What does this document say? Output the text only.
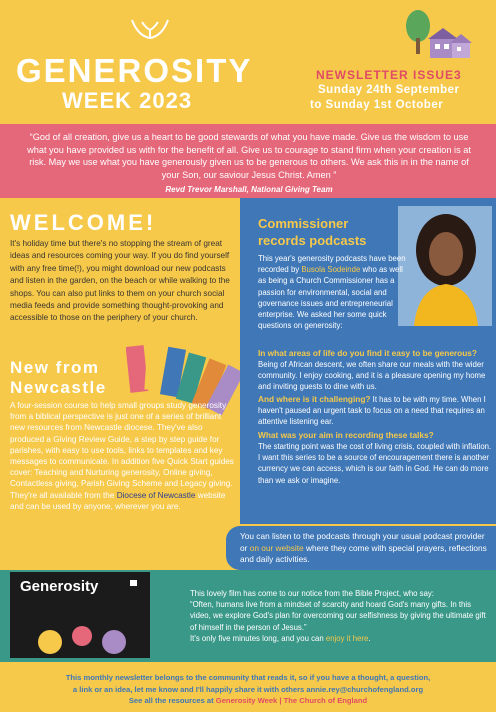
GENEROSITY
WEEK 2023
NEWSLETTER ISSUE3
Sunday 24th September
to Sunday 1st October
“God of all creation, give us a heart to be good stewards of what you have made. Give us the wisdom to use what you have provided us with for the benefit of all. Give us to courage to stand firm when your creation is at risk. May we use what you have generously given us to be generous to others. We ask this in in the name of your Son, our saviour Jesus Christ. Amen ”
Revd Trevor Marshall, National Giving Team
WELCOME!
It's holiday time but there's no stopping the stream of great ideas and resources coming your way. If you do find yourself with any free time(!), you might download our new podcasts and listen in the garden, on the beach or while walking to the shops. You can also put links to them on your church social media feeds and provide something thought-provoking and accessible to those on the periphery of your church.
New from
Newcastle
A four-session course to help small groups study generosity from a biblical perspective is just one of a series of brilliant new resources from Newcastle diocese. They've also produced a Giving Review Guide, a step by step guide for parishes, with easy to use tools, links to templates and key messages to communicate. In addition five Quick Start guides cover: Teaching and Nurturing generosity, Online giving, Contactless giving, Parish Giving Scheme and Legacy giving. They're all available from the Diocese of Newcastle website and can be used by anyone, wherever you are.
Commissioner
records podcasts
This year's generosity podcasts have been recorded by Busola Sodeinde who as well as being a Church Commissioner has a passion for environmental, social and governance issues and entrepreneurial enterprise. We asked her some quick questions on generosity:
In what areas of life do you find it easy to be generous?
Being of African descent, we often share our meals with the wider community. I enjoy cooking, and it is a pleasure opening my home and inviting guests to dine with us.
And where is it challenging? It has to be with my time. When I haven't paused an urgent task to focus on a need that requires an attentive listening ear.
What was your aim in recording these talks?
The starting point was the cost of living crisis, coupled with inflation. I want this series to be a source of encouragement there is another currency we can access, which is our faith in God. He can do more than we ask or imagine.
You can listen to the podcasts through your usual podcast provider or on our website where they come with special prayers, reflections and daily activities.
Generosity	This lovely film has come to our notice from the Bible Project, who say:
“Often, humans live from a mindset of scarcity and hoard God's many gifts. In this video, we explore God's plan for overcoming our selfishness by giving the ultimate gift of himself in the person of Jesus.”
It's only five minutes long, and you can enjoy it here.
This monthly newsletter belongs to the community that reads it, so if you have a thought, a question,
a link or an idea, let me know and I'll happily share it with others annie.rey@churchofengland.org
See all the resources at Generosity Week | The Church of England
